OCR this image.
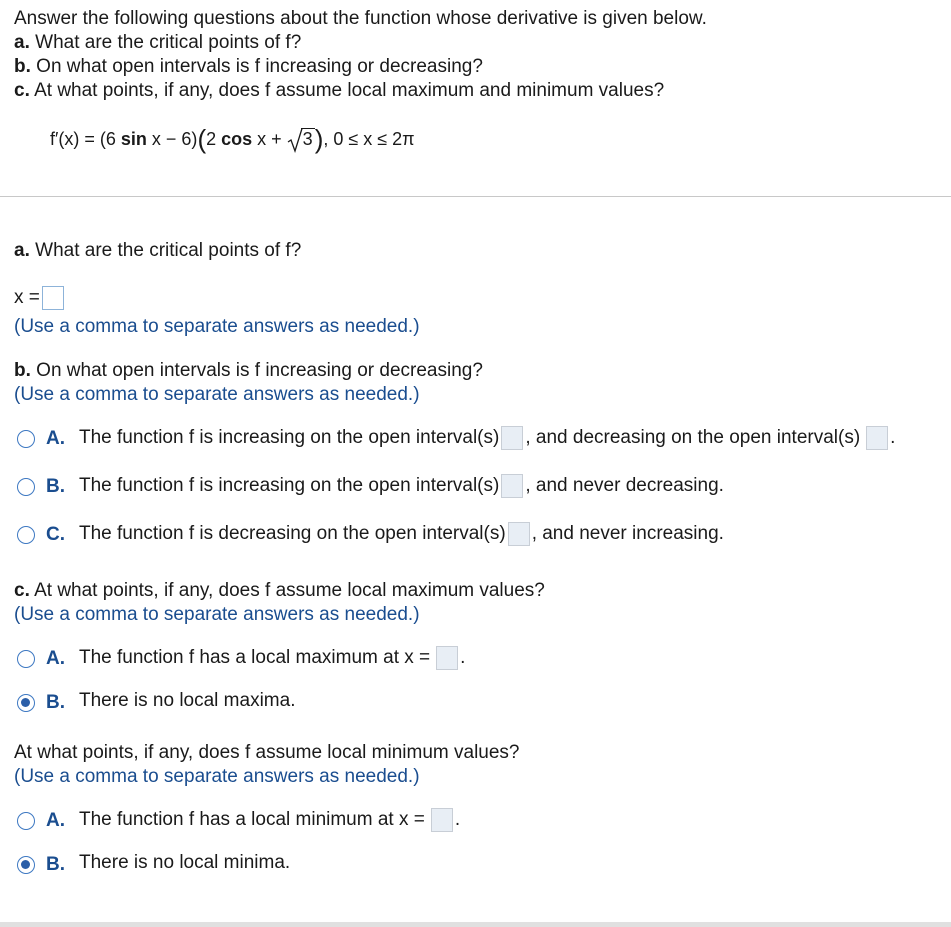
Answer the following questions about the function whose derivative is given below.
a. What are the critical points of f?
b. On what open intervals is f increasing or decreasing?
c. At what points, if any, does f assume local maximum and minimum values?
f′(x) = (6 sin x − 6)(2 cos x +
3), 0 ≤ x ≤ 2π
a. What are the critical points of f?
x =
(Use a comma to separate answers as needed.)
b. On what open intervals is f increasing or decreasing?
(Use a comma to separate answers as needed.)
A. The function f is increasing on the open interval(s) , and decreasing on the open interval(s) .
B. The function f is increasing on the open interval(s) , and never decreasing.
C. The function f is decreasing on the open interval(s) , and never increasing.
c. At what points, if any, does f assume local maximum values?
(Use a comma to separate answers as needed.)
A. The function f has a local maximum at x = .
B. There is no local maxima.
At what points, if any, does f assume local minimum values?
(Use a comma to separate answers as needed.)
A. The function f has a local minimum at x = .
B. There is no local minima.
